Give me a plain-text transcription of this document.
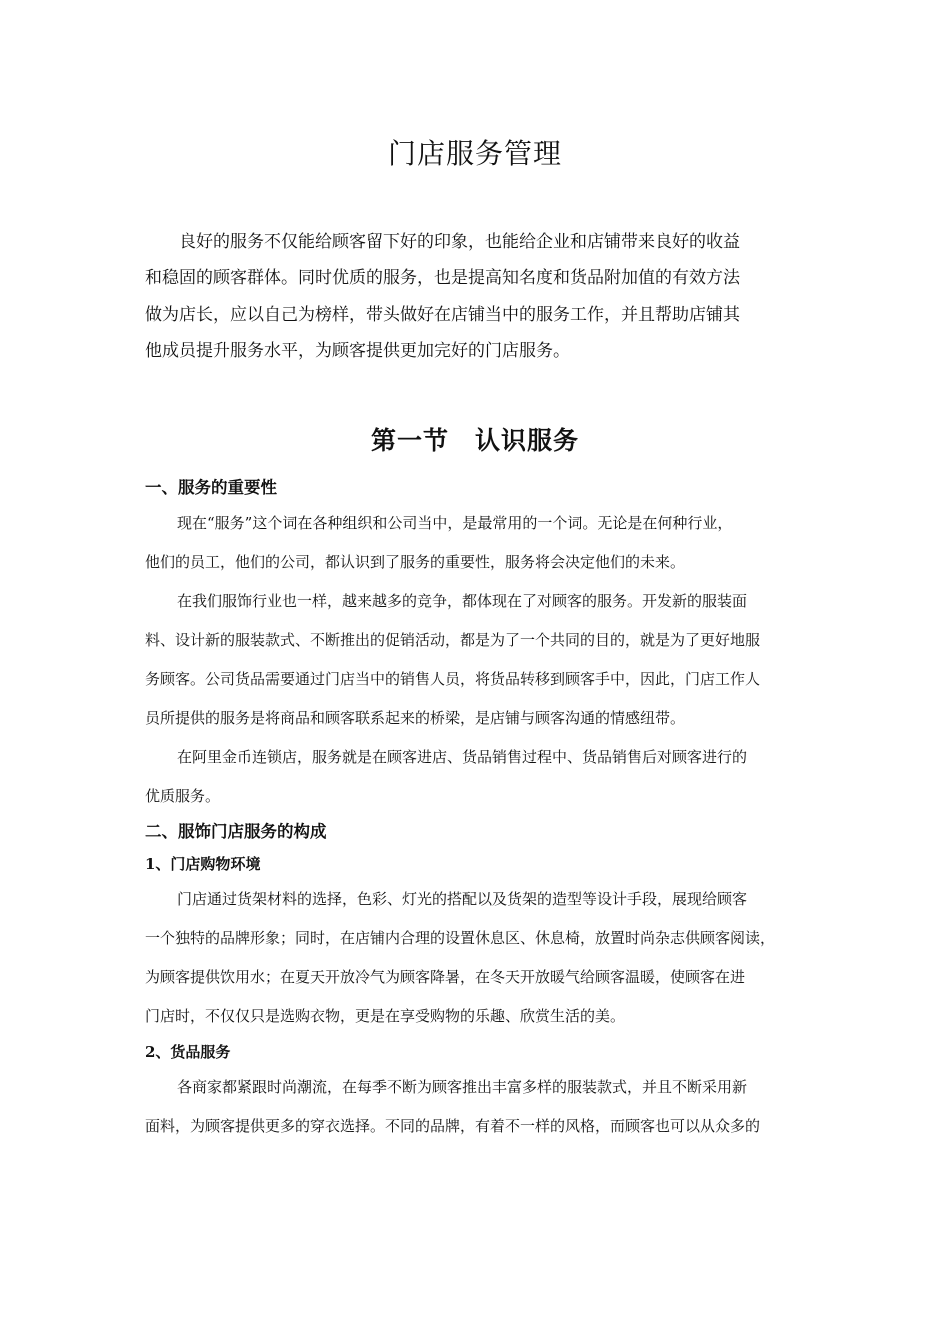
门店服务管理
良好的服务不仅能给顾客留下好的印象，也能给企业和店铺带来良好的收益
和稳固的顾客群体。同时优质的服务，也是提高知名度和货品附加值的有效方法
做为店长，应以自己为榜样，带头做好在店铺当中的服务工作，并且帮助店铺其
他成员提升服务水平，为顾客提供更加完好的门店服务。
第一节　认识服务
一、服务的重要性
现在“服务”这个词在各种组织和公司当中，是最常用的一个词。无论是在何种行业，
他们的员工，他们的公司，都认识到了服务的重要性，服务将会决定他们的未来。
在我们服饰行业也一样，越来越多的竞争，都体现在了对顾客的服务。开发新的服装面
料、设计新的服装款式、不断推出的促销活动，都是为了一个共同的目的，就是为了更好地服
务顾客。公司货品需要通过门店当中的销售人员，将货品转移到顾客手中，因此，门店工作人
员所提供的服务是将商品和顾客联系起来的桥梁，是店铺与顾客沟通的情感纽带。
在阿里金币连锁店，服务就是在顾客进店、货品销售过程中、货品销售后对顾客进行的
优质服务。
二、服饰门店服务的构成
1、门店购物环境
门店通过货架材料的选择，色彩、灯光的搭配以及货架的造型等设计手段，展现给顾客
一个独特的品牌形象；同时，在店铺内合理的设置休息区、休息椅，放置时尚杂志供顾客阅读，
为顾客提供饮用水；在夏天开放冷气为顾客降暑，在冬天开放暖气给顾客温暖，使顾客在进
门店时，不仅仅只是选购衣物，更是在享受购物的乐趣、欣赏生活的美。
2、货品服务
各商家都紧跟时尚潮流，在每季不断为顾客推出丰富多样的服装款式，并且不断采用新
面料，为顾客提供更多的穿衣选择。不同的品牌，有着不一样的风格，而顾客也可以从众多的
